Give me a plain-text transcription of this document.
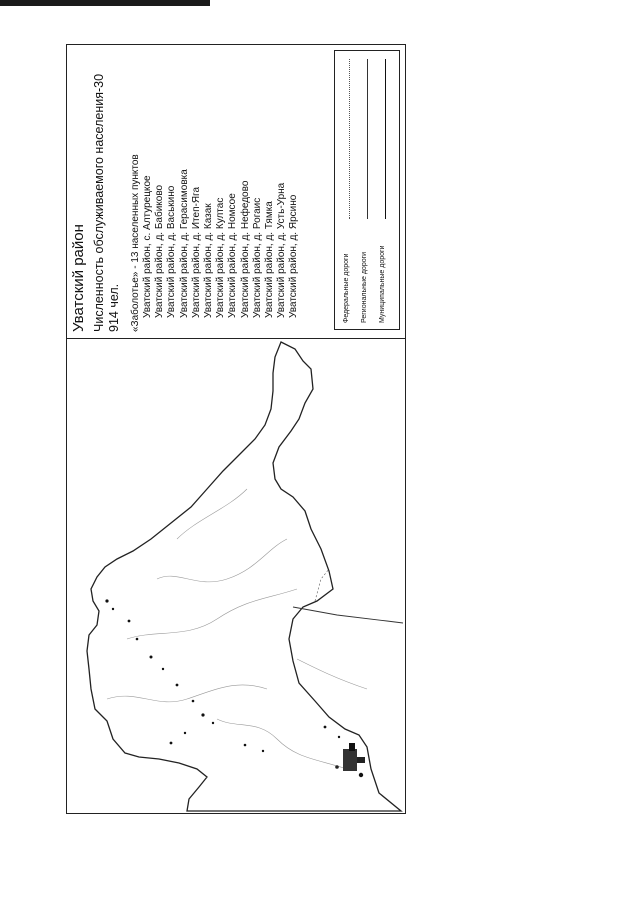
Уватский район Численность обслуживаемого населения-30 914 чел. «Заболотье» - 13 населенных пунктов Уватский район, с. Алтурецкое Уватский район, д. Бабиково Уватский район, д. Васькино Уватский район, д. Герасимовка Уватский район, д. Итеп-Яга Уватский район, д. Казак Уватский район, д. Култас Уватский район, д. Номсое Уватский район, д. Нефедово Уватский район, д. Рогаис Уватский район, д. Тямка Уватский район, д. Усть-Урна Уватский район, д. Ярсино	Федеральные дороги Региональные дороги Муниципальные дороги
